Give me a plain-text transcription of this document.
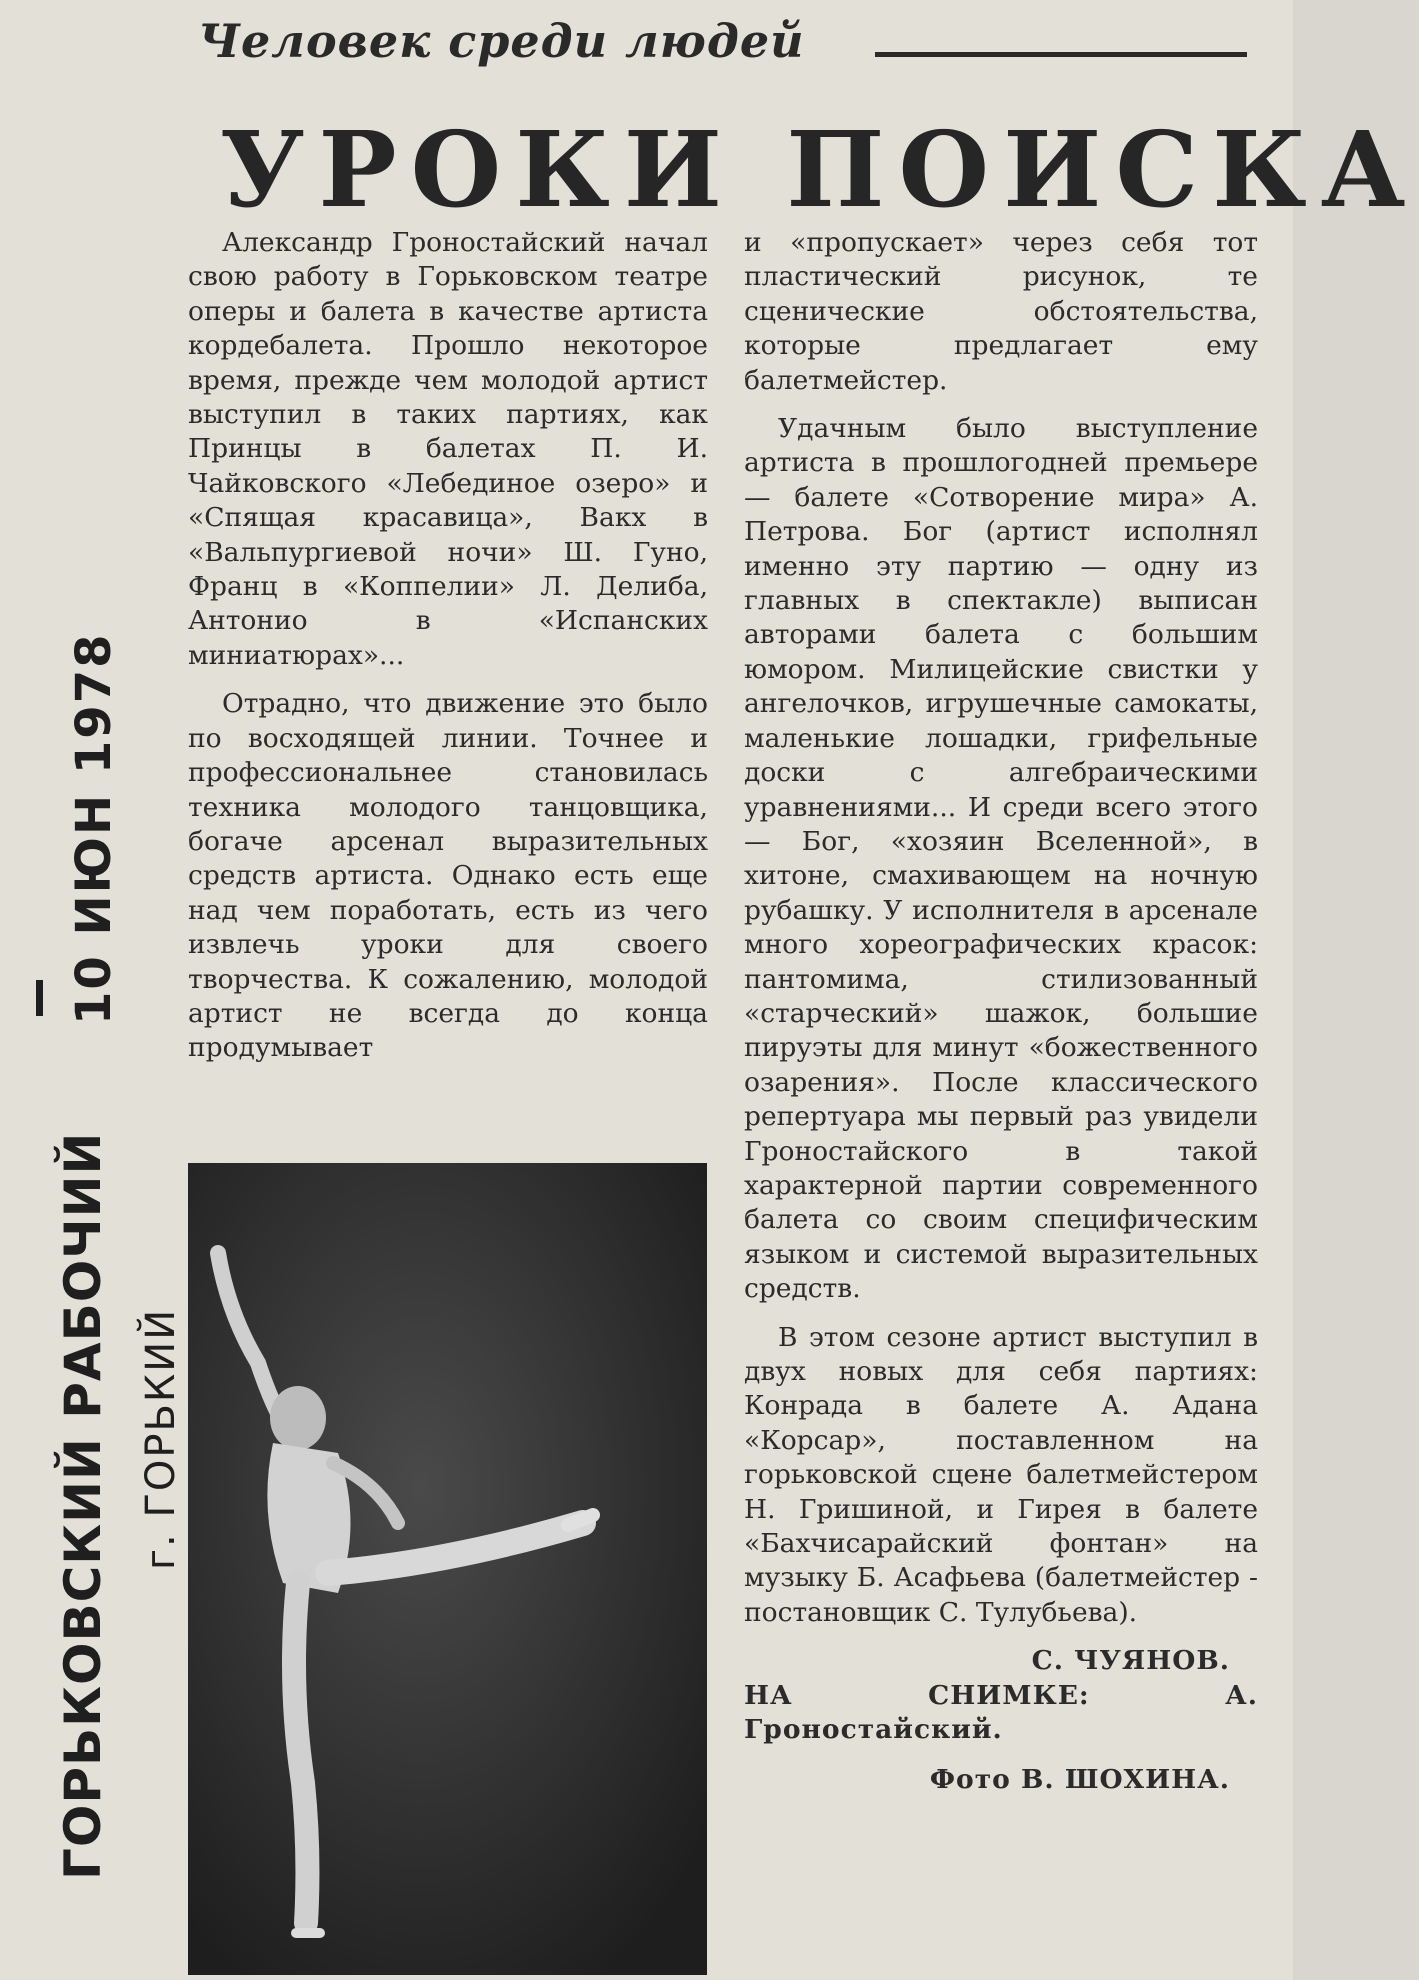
Человек среди людей
УРОКИ ПОИСКА

Александр Гроностайский начал свою работу в Горьковском театре оперы и балета в качестве артиста кордебалета. Прошло некоторое время, прежде чем молодой артист выступил в таких партиях, как Принцы в балетах П. И. Чайковского «Лебединое озеро» и «Спящая красавица», Вакх в «Вальпургиевой ночи» Ш. Гуно, Франц в «Коппелии» Л. Делиба, Антонио в «Испанских миниатюрах»...

Отрадно, что движение это было по восходящей линии. Точнее и профессиональнее становилась техника молодого танцовщика, богаче арсенал выразительных средств артиста. Однако есть еще над чем поработать, есть из чего извлечь уроки для своего творчества. К сожалению, молодой артист не всегда до конца продумывает

и «пропускает» через себя тот пластический рисунок, те сценические обстоятельства, которые предлагает ему балетмейстер.

Удачным было выступление артиста в прошлогодней премьере — балете «Сотворение мира» А. Петрова. Бог (артист исполнял именно эту партию — одну из главных в спектакле) выписан авторами балета с большим юмором. Милицейские свистки у ангелочков, игрушечные самокаты, маленькие лошадки, грифельные доски с алгебраическими уравнениями... И среди всего этого — Бог, «хозяин Вселенной», в хитоне, смахивающем на ночную рубашку. У исполнителя в арсенале много хореографических красок: пантомима, стилизованный «старческий» шажок, большие пируэты для минут «божественного озарения». После классического репертуара мы первый раз увидели Гроностайского в такой характерной партии современного балета со своим специфическим языком и системой выразительных средств.

В этом сезоне артист выступил в двух новых для себя партиях: Конрада в балете А. Адана «Корсар», поставленном на горьковской сцене балетмейстером Н. Гришиной, и Гирея в балете «Бахчисарайский фонтан» на музыку Б. Асафьева (балетмейстер - постановщик С. Тулубьева).

С. ЧУЯНОВ.

НА СНИМКЕ: А. Гроностайский.

Фото В. ШОХИНА.

10 ИЮН 1978
ГОРЬКОВСКИЙ РАБОЧИЙ г. ГОРЬКИЙ
